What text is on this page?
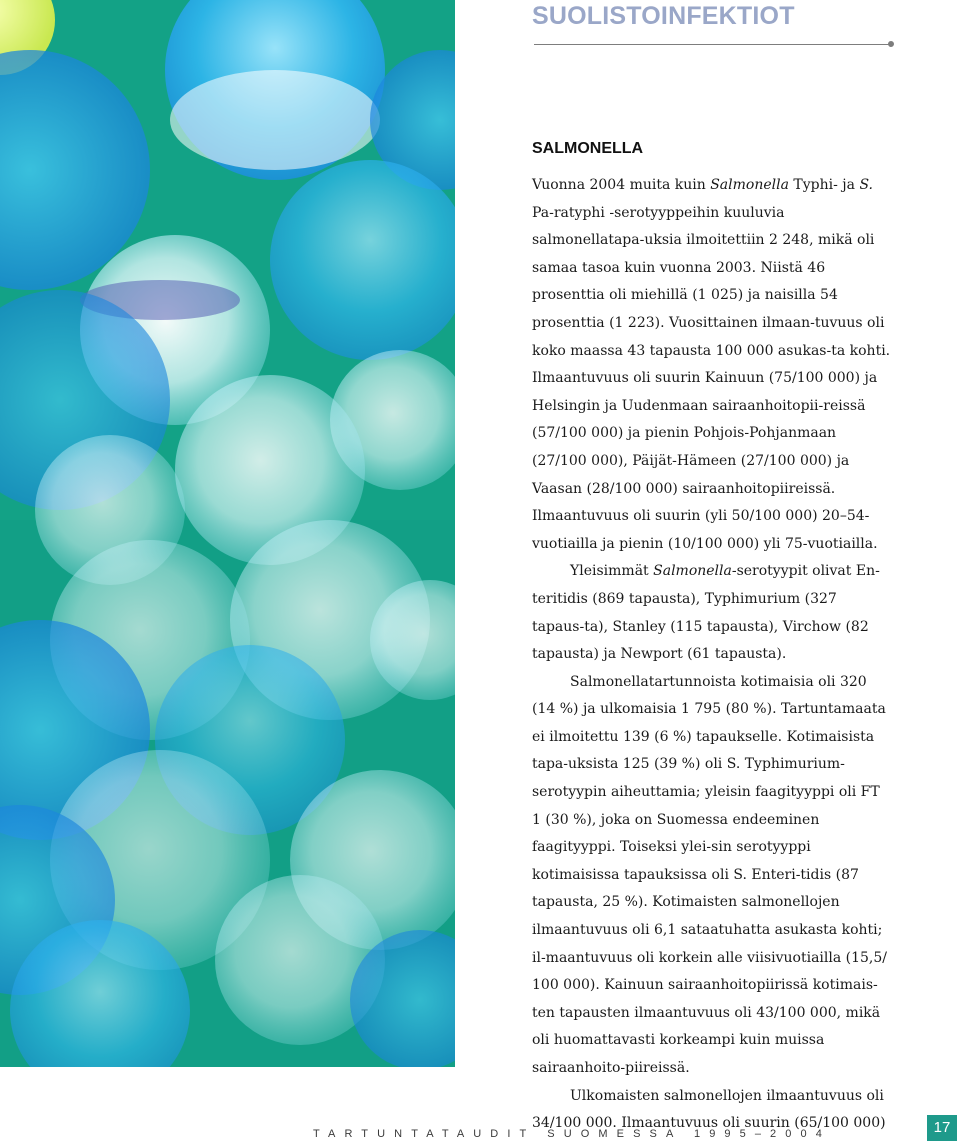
SUOLISTOINFEKTIOT
SALMONELLA

Vuonna 2004 muita kuin Salmonella Typhi- ja S. Pa-ratyphi -serotyyppeihin kuuluvia salmonellatapa-uksia ilmoitettiin 2 248, mikä oli samaa tasoa kuin vuonna 2003. Niistä 46 prosenttia oli miehillä (1 025) ja naisilla 54 prosenttia (1 223). Vuosittainen ilmaan-tuvuus oli koko maassa 43 tapausta 100 000 asukas-ta kohti. Ilmaantuvuus oli suurin Kainuun (75/100 000) ja Helsingin ja Uudenmaan sairaanhoitopii-reissä (57/100 000) ja pienin Pohjois-Pohjanmaan (27/100 000), Päijät-Hämeen (27/100 000) ja Vaasan (28/100 000) sairaanhoitopiireissä. Ilmaantuvuus oli suurin (yli 50/100 000) 20–54-vuotiailla ja pienin (10/100 000) yli 75-vuotiailla.

Yleisimmät Salmonella-serotyypit olivat En-teritidis (869 tapausta), Typhimurium (327 tapaus-ta), Stanley (115 tapausta), Virchow (82 tapausta) ja Newport (61 tapausta).

Salmonellatartunnoista kotimaisia oli 320 (14 %) ja ulkomaisia 1 795 (80 %). Tartuntamaata ei ilmoitettu 139 (6 %) tapaukselle. Kotimaisista tapa-uksista 125 (39 %) oli S. Typhimurium-serotyypin aiheuttamia; yleisin faagityyppi oli FT 1 (30 %), joka on Suomessa endeeminen faagityyppi. Toiseksi ylei-sin serotyyppi kotimaisissa tapauksissa oli S. Enteri-tidis (87 tapausta, 25 %). Kotimaisten salmonellojen ilmaantuvuus oli 6,1 sataatuhatta asukasta kohti; il-maantuvuus oli korkein alle viisivuotiailla (15,5/ 100 000). Kainuun sairaanhoitopiirissä kotimais-ten tapausten ilmaantuvuus oli 43/100 000, mikä oli huomattavasti korkeampi kuin muissa sairaanhoito-piireissä.

Ulkomaisten salmonellojen ilmaantuvuus oli 34/100 000. Ilmaantuvuus oli suurin (65/100 000)

TARTUNTATAUDIT SUOMESSA 1995–2004	17
